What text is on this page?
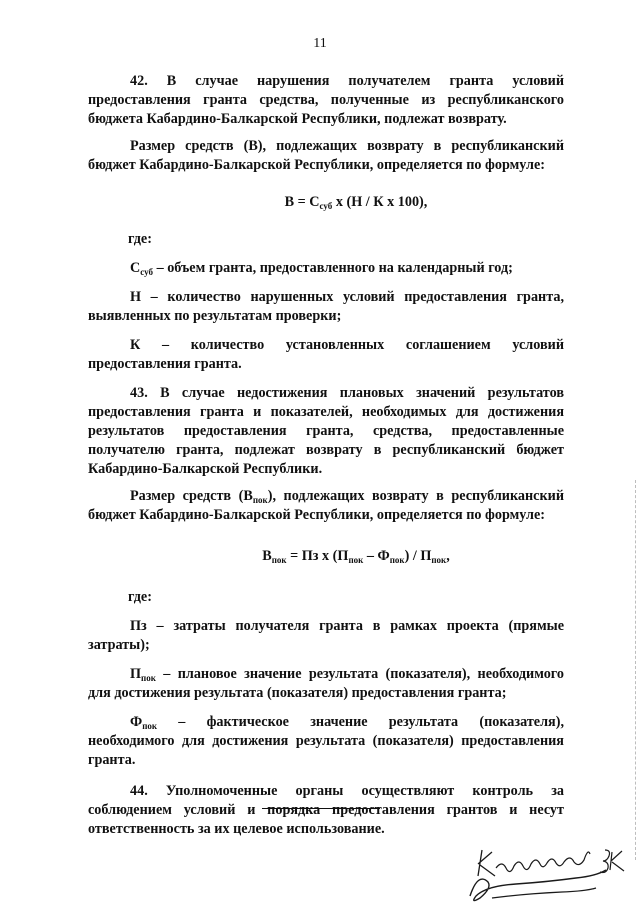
11

42. В случае нарушения получателем гранта условий предоставления гранта средства, полученные из республиканского бюджета Кабардино-Балкарской Республики, подлежат возврату.

Размер средств (В), подлежащих возврату в республиканский бюджет Кабардино-Балкарской Республики, определяется по формуле:

$В = С_{суб}$ х (Н / К х 100),
где:

$С_{суб}$ – объем гранта, предоставленного на календарный год;

Н – количество нарушенных условий предоставления гранта, выявленных по результатам проверки;

К – количество установленных соглашением условий предоставления гранта.

43. В случае недостижения плановых значений результатов предоставления гранта и показателей, необходимых для достижения результатов предоставления гранта, средства, предоставленные получателю гранта, подлежат возврату в республиканский бюджет Кабардино-Балкарской Республики.

Размер средств $(В_{пок})$, подлежащих возврату в республиканский бюджет Кабардино-Балкарской Республики, определяется по формуле:

$В_{пок}$ = Пз х $(П_{пок} - Ф_{пок}) / П_{пок}$,
где:

Пз – затраты получателя гранта в рамках проекта (прямые затраты);

$П_{пок}$ – плановое значение результата (показателя), необходимого для достижения результата (показателя) предоставления гранта;

$Ф_{пок}$ – фактическое значение результата (показателя), необходимого для достижения результата (показателя) предоставления гранта.

44. Уполномоченные органы осуществляют контроль за соблюдением условий и порядка предоставления грантов и несут ответственность за их целевое использование.
